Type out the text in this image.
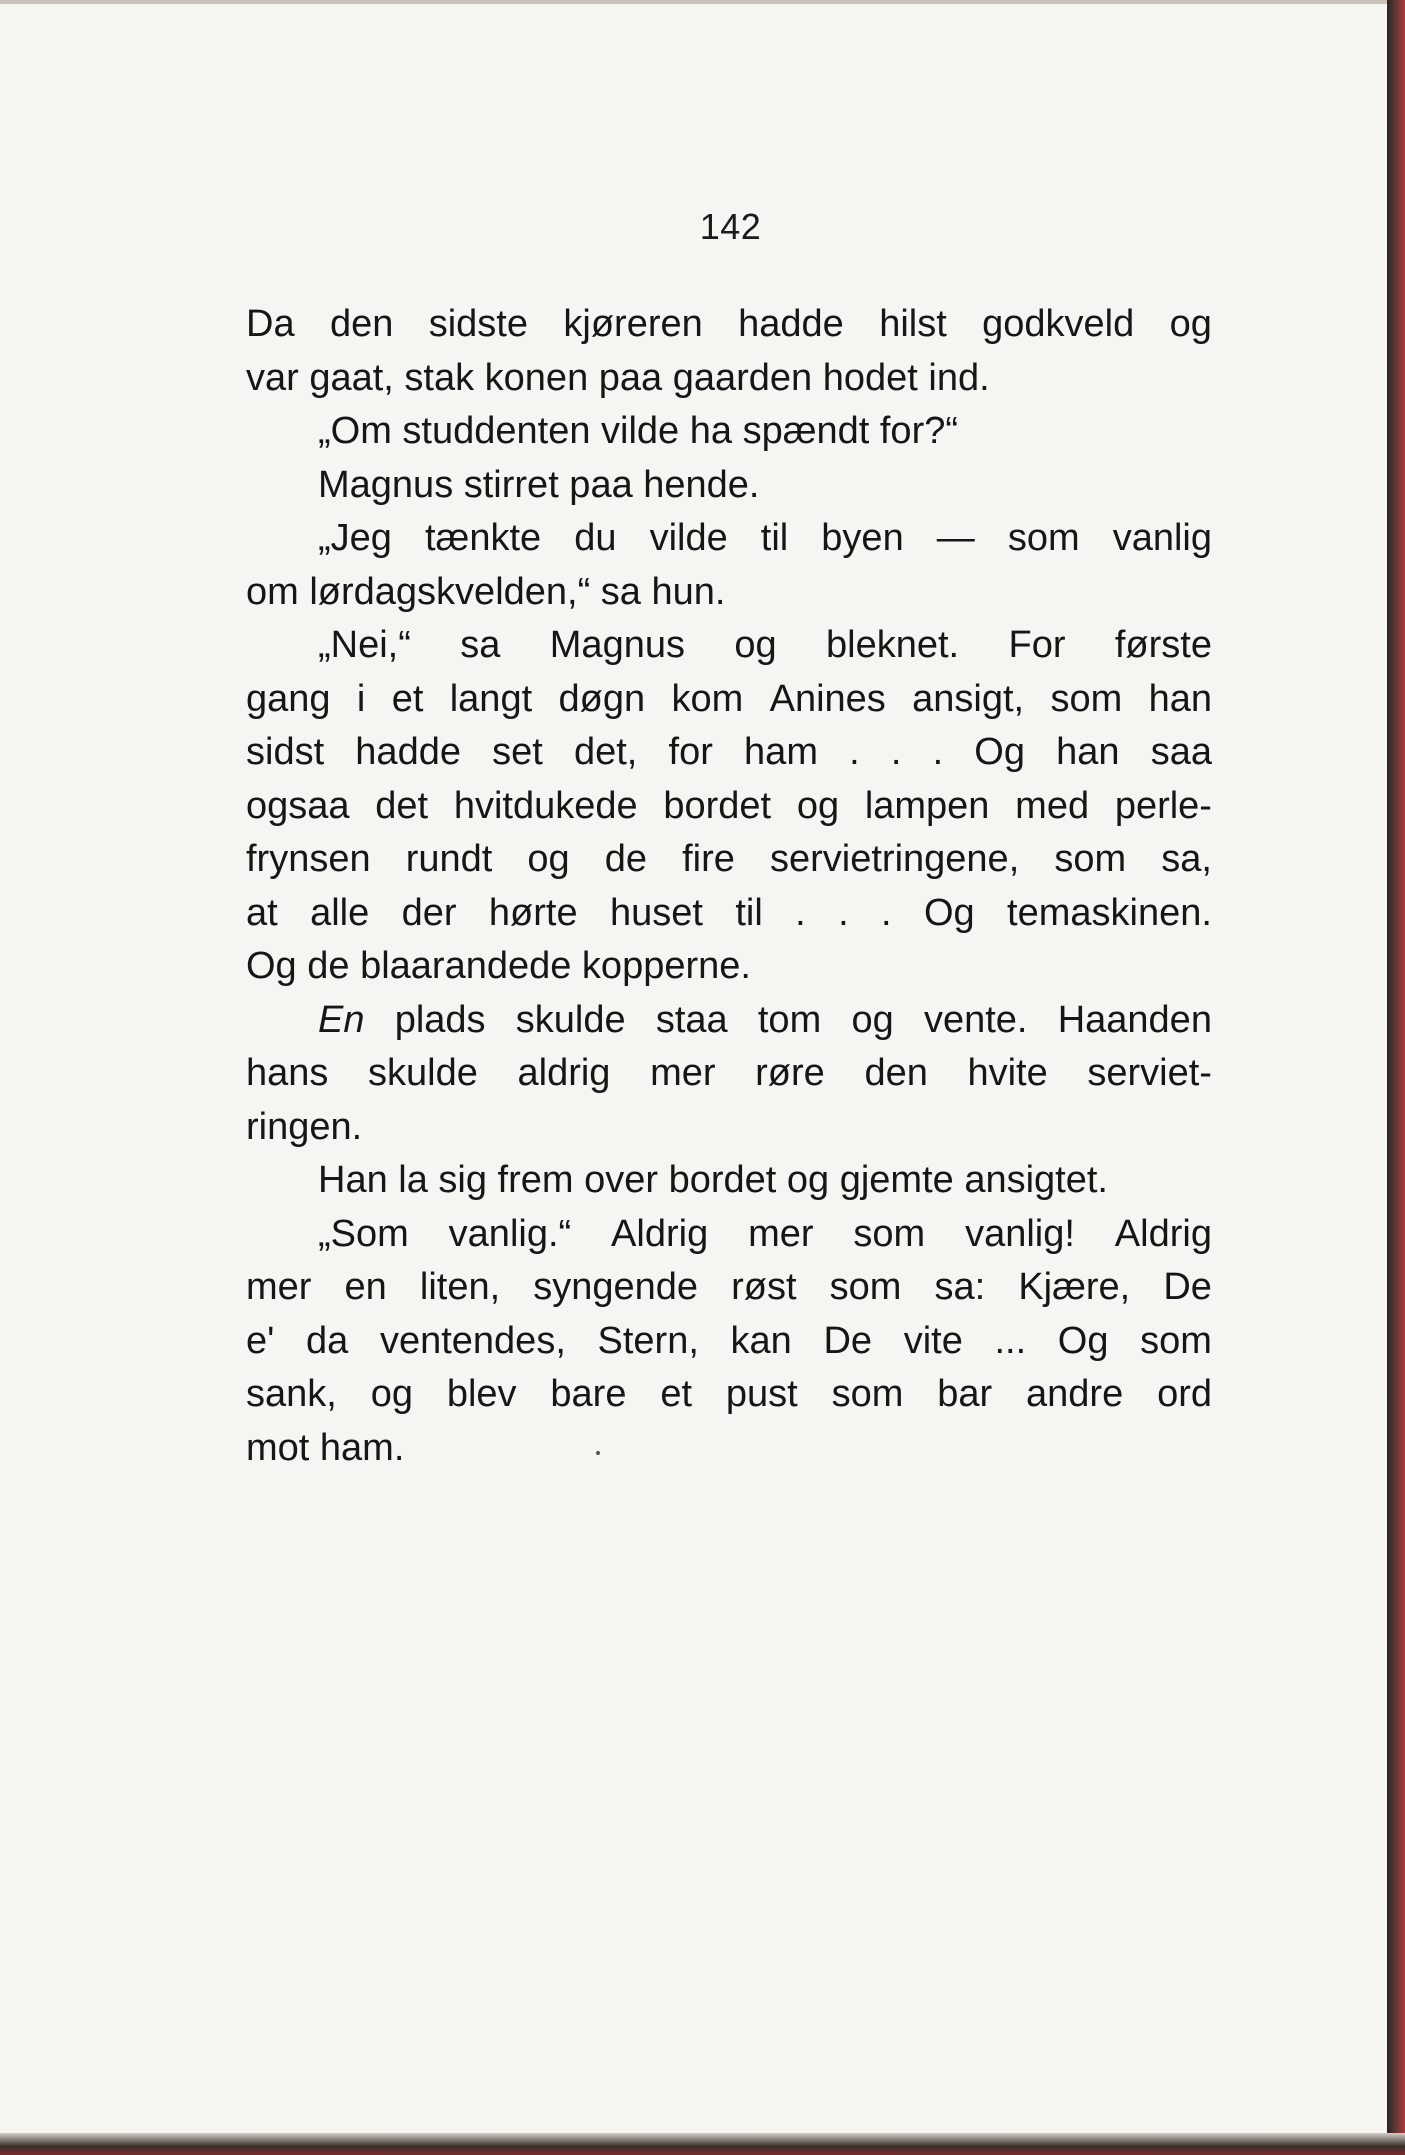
142
Da den sidste kjøreren hadde hilst godkveld og
var gaat, stak konen paa gaarden hodet ind.
„Om studdenten vilde ha spændt for?“
Magnus stirret paa hende.
„Jeg tænkte du vilde til byen — som vanlig
om lørdagskvelden,“ sa hun.
„Nei,“ sa Magnus og bleknet. For første
gang i et langt døgn kom Anines ansigt, som han
sidst hadde set det, for ham . . . Og han saa
ogsaa det hvitdukede bordet og lampen med perle-
frynsen rundt og de fire servietringene, som sa,
at alle der hørte huset til . . . Og temaskinen.
Og de blaarandede kopperne.
En plads skulde staa tom og vente. Haanden
hans skulde aldrig mer røre den hvite serviet-
ringen.
Han la sig frem over bordet og gjemte ansigtet.
„Som vanlig.“ Aldrig mer som vanlig! Aldrig
mer en liten, syngende røst som sa: Kjære, De
e' da ventendes, Stern, kan De vite ... Og som
sank, og blev bare et pust som bar andre ord
mot ham.
